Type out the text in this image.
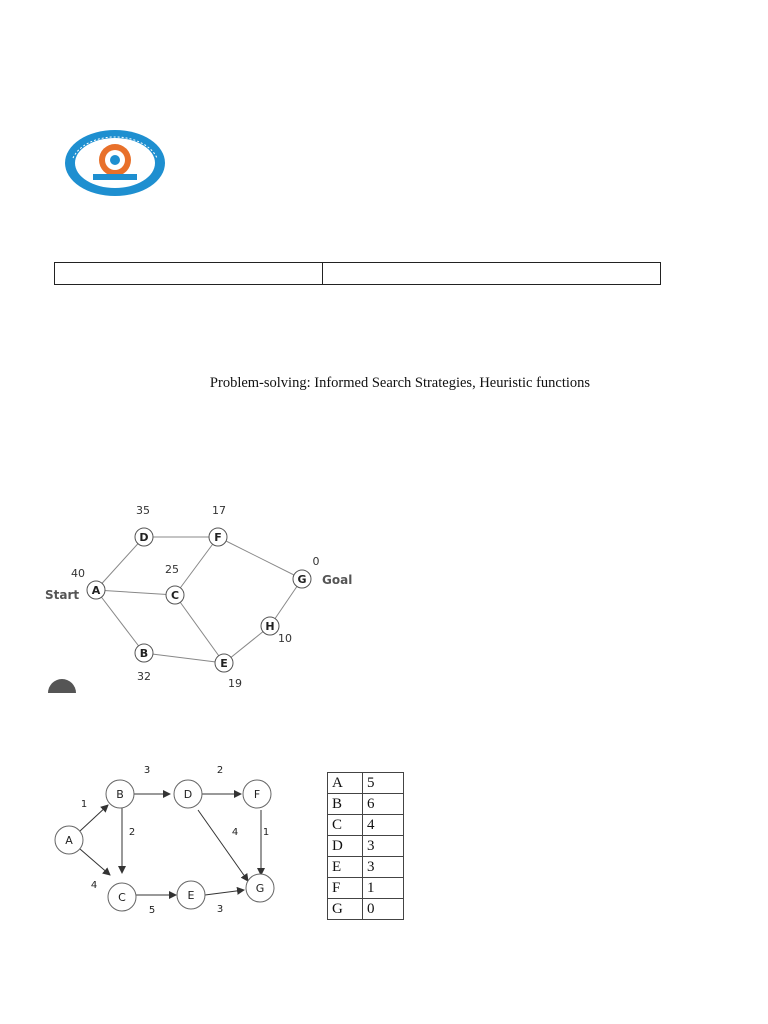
Problem-solving: Informed Search Strategies, Heuristic functions
A
B
C
D
E
F
G
H
40
32
25
35
19
17
0
10
Start
Goal
A
B
C
D
E
F
G
1
4
3
2
2
5
4 1
3
A	5
B	6
C	4
D	3
E	3
F	1
G	0
